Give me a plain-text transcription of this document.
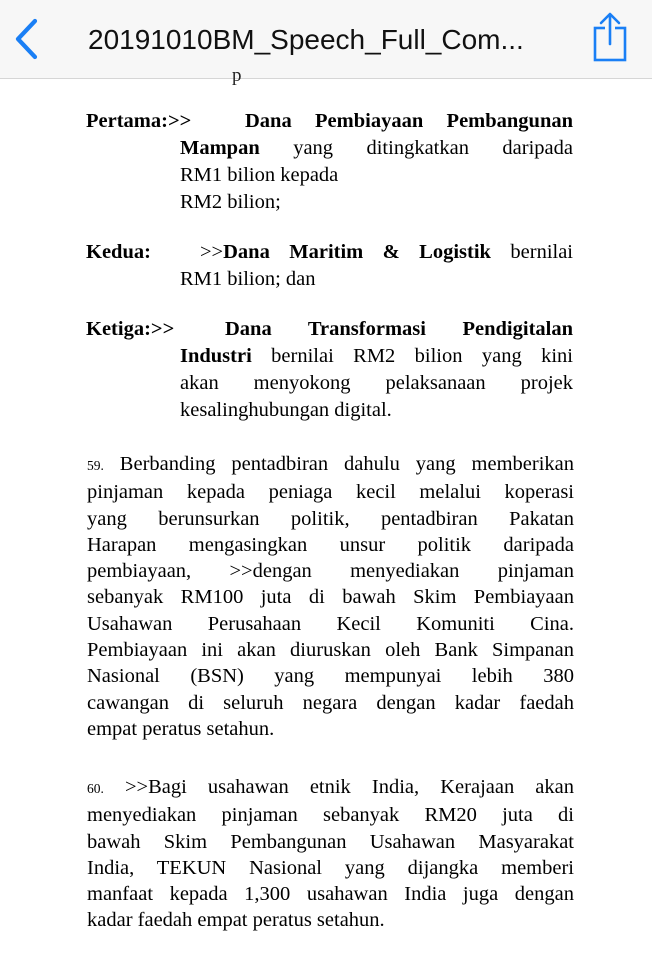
20191010BM_Speech_Full_Com...
p
Pertama:>>	Dana Pembiayaan Pembangunan
Mampan yang ditingkatkan daripada
RM1 bilion kepada
RM2 bilion;
Kedua: >>Dana Maritim & Logistik bernilai
RM1 bilion; dan
Ketiga:>> Dana Transformasi Pendigitalan
Industri bernilai RM2 bilion yang kini
akan menyokong pelaksanaan projek
kesalinghubungan digital.
59. Berbanding pentadbiran dahulu yang memberikan
pinjaman kepada peniaga kecil melalui koperasi
yang berunsurkan politik, pentadbiran Pakatan
Harapan mengasingkan unsur politik daripada
pembiayaan, >>dengan menyediakan pinjaman
sebanyak RM100 juta di bawah Skim Pembiayaan
Usahawan Perusahaan Kecil Komuniti Cina.
Pembiayaan ini akan diuruskan oleh Bank Simpanan
Nasional (BSN) yang mempunyai lebih 380
cawangan di seluruh negara dengan kadar faedah
empat peratus setahun.
60. >>Bagi usahawan etnik India, Kerajaan akan
menyediakan pinjaman sebanyak RM20 juta di
bawah Skim Pembangunan Usahawan Masyarakat
India, TEKUN Nasional yang dijangka memberi
manfaat kepada 1,300 usahawan India juga dengan
kadar faedah empat peratus setahun.
